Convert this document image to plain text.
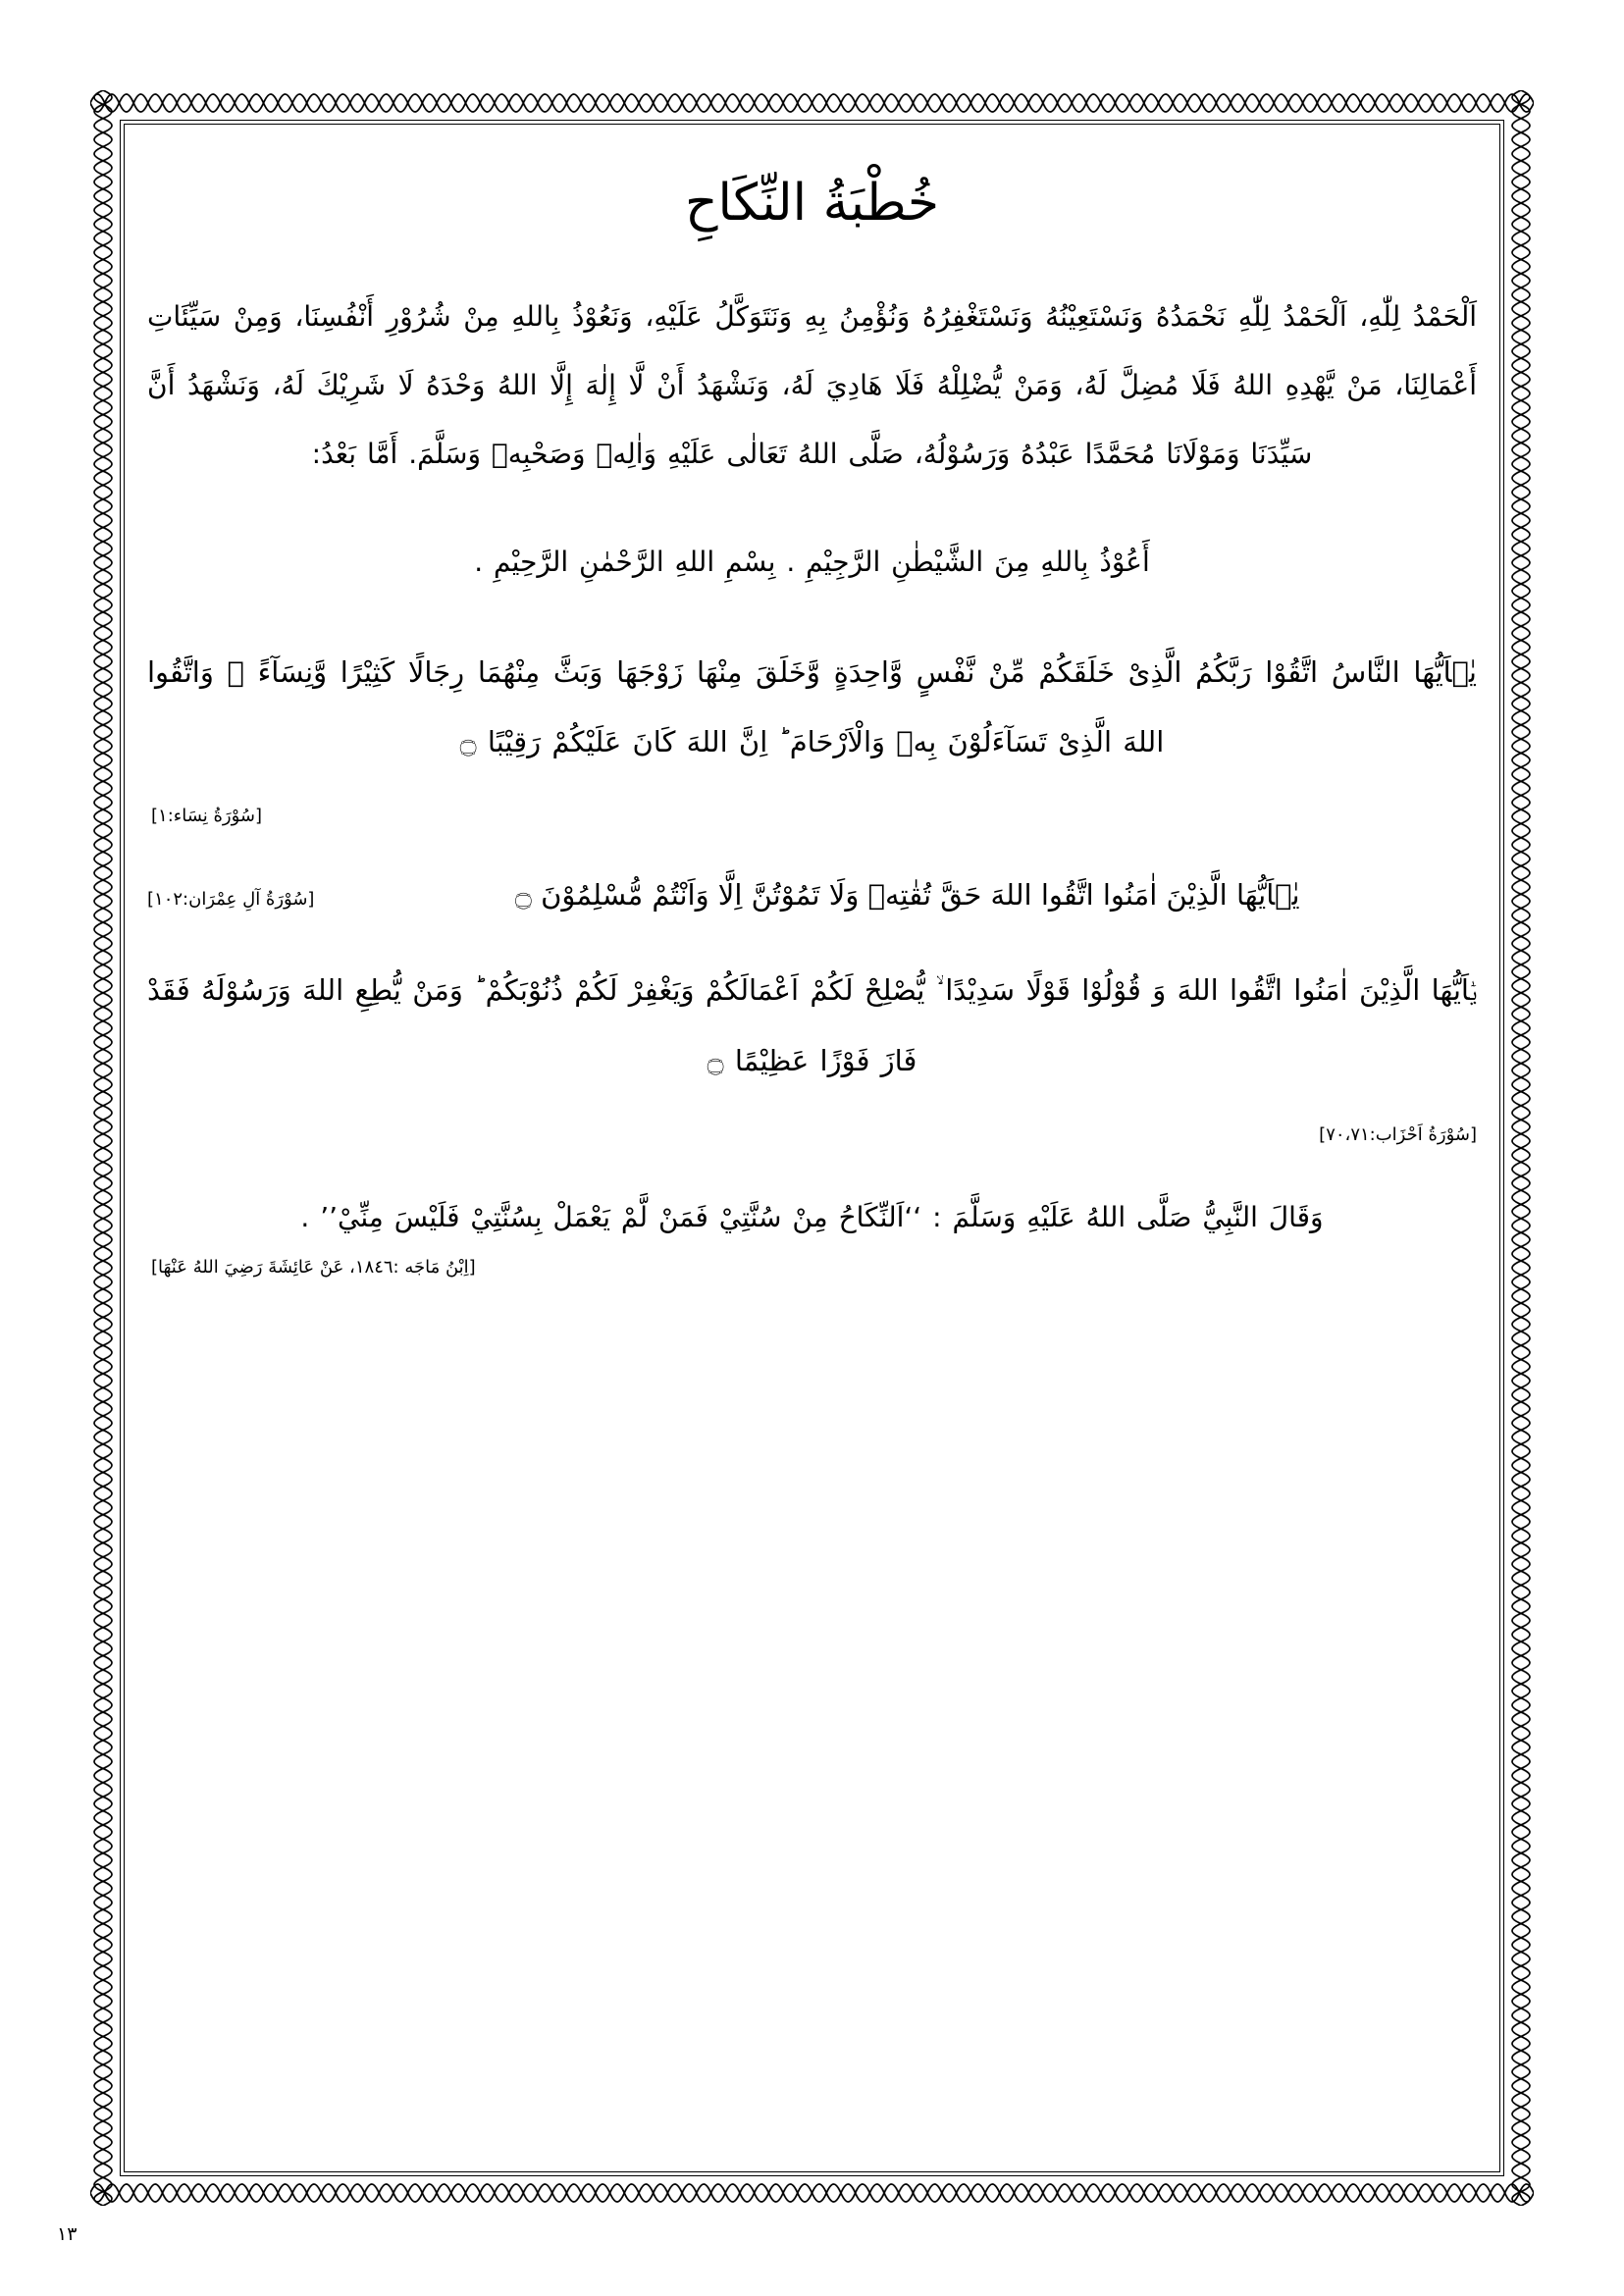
خُطْبَةُ النِّكَاحِ

اَلْحَمْدُ لِلّٰهِ، اَلْحَمْدُ لِلّٰهِ نَحْمَدُهُ وَنَسْتَعِيْنُهُ وَنَسْتَغْفِرُهُ وَنُؤْمِنُ بِهِ وَنَتَوَكَّلُ عَلَيْهِ، وَنَعُوْذُ بِاللهِ مِنْ شُرُوْرِ أَنْفُسِنَا، وَمِنْ سَيِّئَاتِ أَعْمَالِنَا، مَنْ يَّهْدِهِ اللهُ فَلَا مُضِلَّ لَهُ، وَمَنْ يُّضْلِلْهُ فَلَا هَادِيَ لَهُ، وَنَشْهَدُ أَنْ لَّا إِلٰهَ إِلَّا اللهُ وَحْدَهُ لَا شَرِيْكَ لَهُ، وَنَشْهَدُ أَنَّ سَيِّدَنَا وَمَوْلَانَا مُحَمَّدًا عَبْدُهُ وَرَسُوْلُهُ، صَلَّى اللهُ تَعَالٰى عَلَيْهِ وَاٰلِهٖ وَصَحْبِهٖ وَسَلَّمَ. أَمَّا بَعْدُ:

أَعُوْذُ بِاللهِ مِنَ الشَّيْطٰنِ الرَّجِيْمِ . بِسْمِ اللهِ الرَّحْمٰنِ الرَّحِيْمِ .

يٰۤاَيُّهَا النَّاسُ اتَّقُوْا رَبَّكُمُ الَّذِىْ خَلَقَكُمْ مِّنْ نَّفْسٍ وَّاحِدَةٍ وَّخَلَقَ مِنْهَا زَوْجَهَا وَبَثَّ مِنْهُمَا رِجَالًا كَثِيْرًا وَّنِسَآءً ۚ وَاتَّقُوا اللهَ الَّذِىْ تَسَآءَلُوْنَ بِهٖ وَالْاَرْحَامَ ؕ اِنَّ اللهَ كَانَ عَلَيْكُمْ رَقِيْبًا ۝

[سُوْرَةُ نِسَاء:١]

يٰۤاَيُّهَا الَّذِيْنَ اٰمَنُوا اتَّقُوا اللهَ حَقَّ تُقٰتِهٖ وَلَا تَمُوْتُنَّ اِلَّا وَاَنْتُمْ مُّسْلِمُوْنَ ۝
[سُوْرَةُ آلِ عِمْرَان:١٠٢]

يٰۤاَيُّهَا الَّذِيْنَ اٰمَنُوا اتَّقُوا اللهَ وَ قُوْلُوْا قَوْلًا سَدِيْدًا ۙ يُّصْلِحْ لَكُمْ اَعْمَالَكُمْ وَيَغْفِرْ لَكُمْ ذُنُوْبَكُمْ ؕ وَمَنْ يُّطِعِ اللهَ وَرَسُوْلَهُ فَقَدْ فَازَ فَوْزًا عَظِيْمًا ۝

[سُوْرَةُ اَحْزَاب:٧٠،٧١]

وَقَالَ النَّبِيُّ صَلَّى اللهُ عَلَيْهِ وَسَلَّمَ : ‘‘اَلنِّكَاحُ مِنْ سُنَّتِيْ فَمَنْ لَّمْ يَعْمَلْ بِسُنَّتِيْ فَلَيْسَ مِنِّيْ’’ .

[اِبْنُ مَاجَه :١٨٤٦، عَنْ عَائِشَةَ رَضِيَ اللهُ عَنْهَا]

١٣
